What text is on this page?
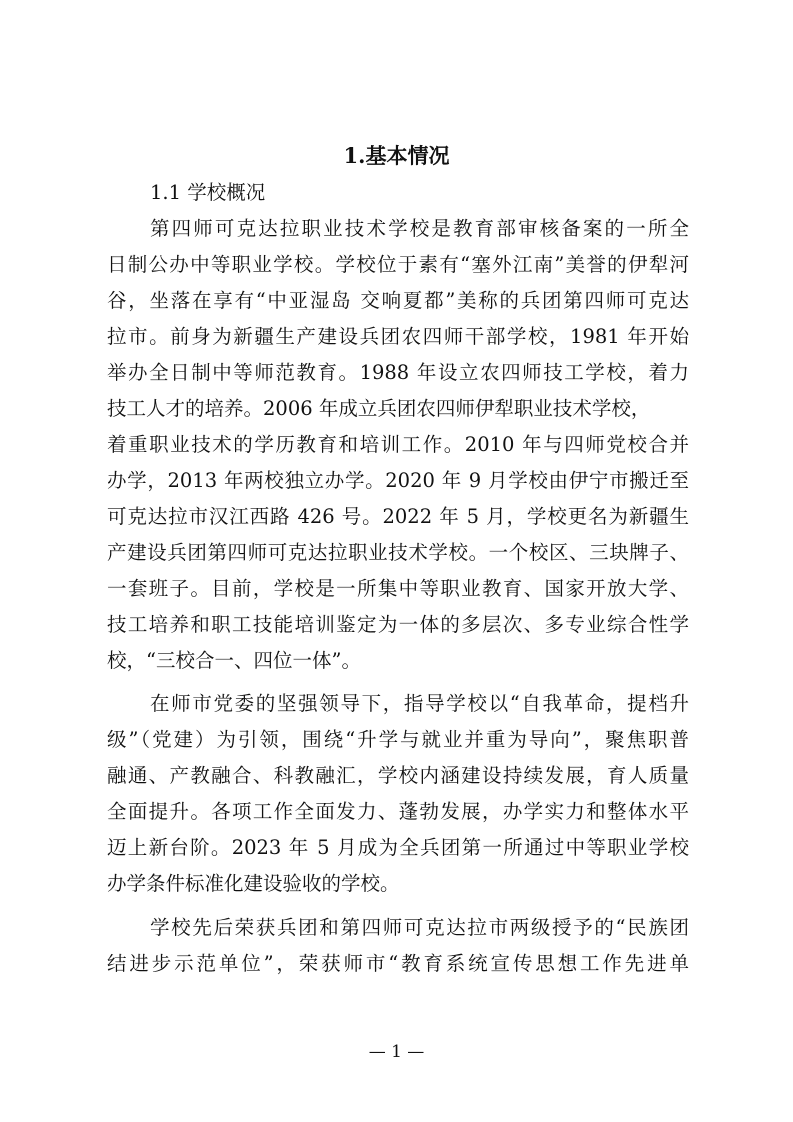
1.基本情况
1.1 学校概况
第四师可克达拉职业技术学校是教育部审核备案的一所全
日制公办中等职业学校。学校位于素有“塞外江南”美誉的伊犁河
谷，坐落在享有“中亚湿岛 交响夏都”美称的兵团第四师可克达
拉市。前身为新疆生产建设兵团农四师干部学校，1981 年开始
举办全日制中等师范教育。1988 年设立农四师技工学校，着力
技工人才的培养。2006 年成立兵团农四师伊犁职业技术学校，
着重职业技术的学历教育和培训工作。2010 年与四师党校合并
办学，2013 年两校独立办学。2020 年 9 月学校由伊宁市搬迁至
可克达拉市汉江西路 426 号。2022 年 5 月，学校更名为新疆生
产建设兵团第四师可克达拉职业技术学校。一个校区、三块牌子、
一套班子。目前，学校是一所集中等职业教育、国家开放大学、
技工培养和职工技能培训鉴定为一体的多层次、多专业综合性学
校，“三校合一、四位一体”。
在师市党委的坚强领导下，指导学校以“自我革命，提档升
级”（党建）为引领，围绕“升学与就业并重为导向”，聚焦职普
融通、产教融合、科教融汇，学校内涵建设持续发展，育人质量
全面提升。各项工作全面发力、蓬勃发展，办学实力和整体水平
迈上新台阶。2023 年 5 月成为全兵团第一所通过中等职业学校
办学条件标准化建设验收的学校。
学校先后荣获兵团和第四师可克达拉市两级授予的“民族团
结进步示范单位”，荣获师市“教育系统宣传思想工作先进单
— 1 —
